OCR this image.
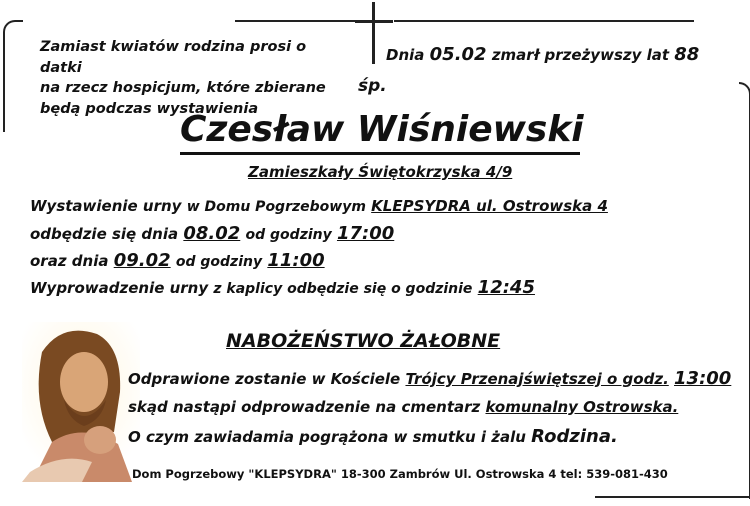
Zamiast kwiatów rodzina prosi o datki
na rzecz hospicjum, które zbierane
będą podczas wystawienia
Dnia 05.02 zmarł przeżywszy lat 88
śp.
Czesław Wiśniewski
Zamieszkały Świętokrzyska 4/9
Wystawienie urny w Domu Pogrzebowym KLEPSYDRA ul. Ostrowska 4
odbędzie się dnia 08.02 od godziny 17:00
oraz dnia 09.02 od godziny 11:00
Wyprowadzenie urny z kaplicy odbędzie się o godzinie 12:45
NABOŻEŃSTWO ŻAŁOBNE
Odprawione zostanie w Kościele Trójcy Przenajświętszej o godz. 13:00
skąd nastąpi odprowadzenie na cmentarz komunalny Ostrowska.
O czym zawiadamia pogrążona w smutku i żalu Rodzina.
Dom Pogrzebowy "KLEPSYDRA" 18-300 Zambrów Ul. Ostrowska 4 tel: 539-081-430
